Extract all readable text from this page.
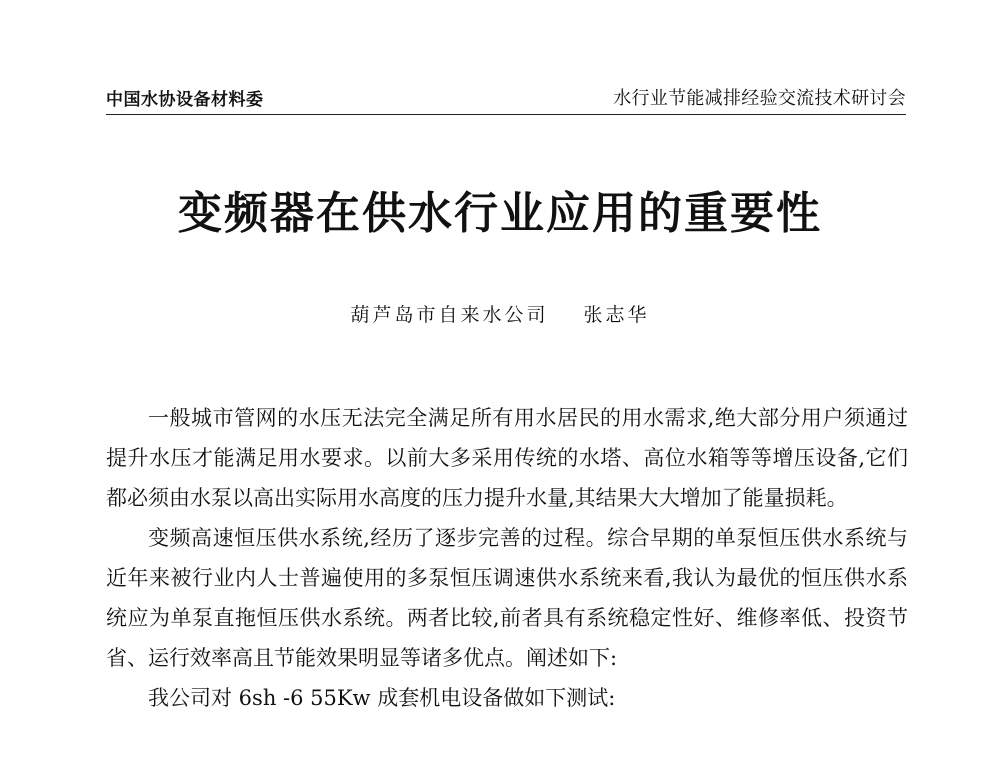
中国水协设备材料委	水行业节能减排经验交流技术研讨会
变频器在供水行业应用的重要性
葫芦岛市自来水公司 张志华

一般城市管网的水压无法完全满足所有用水居民的用水需求,绝大部分用户须通过提升水压才能满足用水要求。以前大多采用传统的水塔、高位水箱等等增压设备,它们都必须由水泵以高出实际用水高度的压力提升水量,其结果大大增加了能量损耗。

变频高速恒压供水系统,经历了逐步完善的过程。综合早期的单泵恒压供水系统与近年来被行业内人士普遍使用的多泵恒压调速供水系统来看,我认为最优的恒压供水系统应为单泵直拖恒压供水系统。两者比较,前者具有系统稳定性好、维修率低、投资节省、运行效率高且节能效果明显等诸多优点。阐述如下:

我公司对 6sh -6 55Kw 成套机电设备做如下测试:
